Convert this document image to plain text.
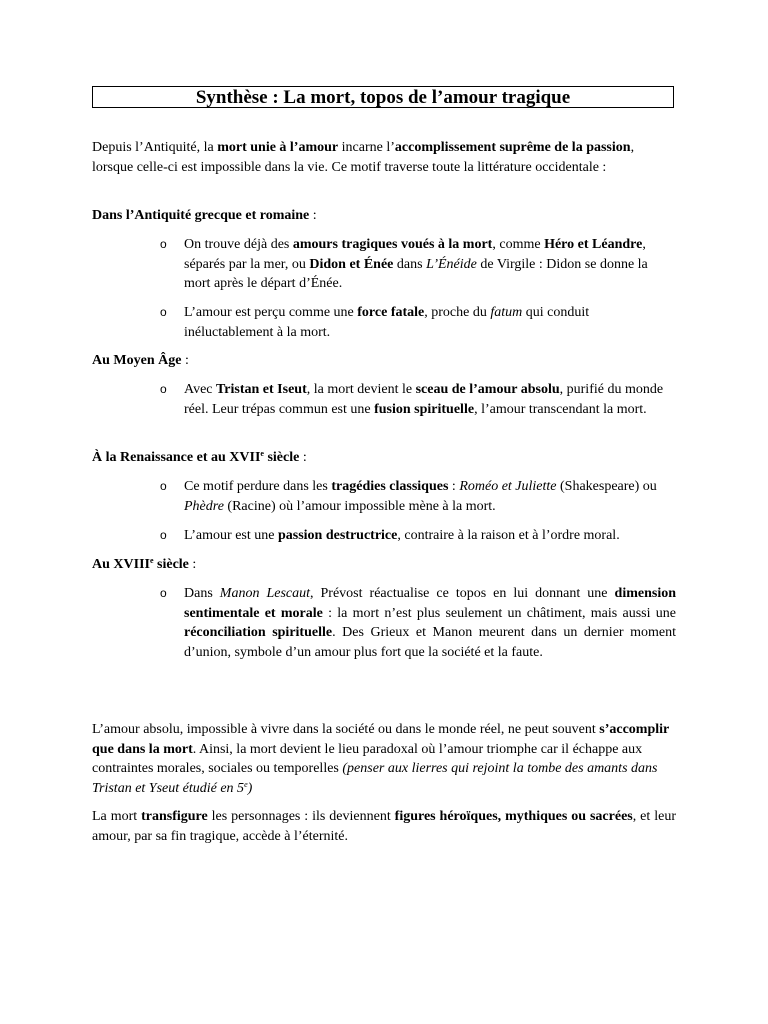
Synthèse : La mort, topos de l’amour tragique

Depuis l’Antiquité, la mort unie à l’amour incarne l’accomplissement suprême de la passion, lorsque celle-ci est impossible dans la vie. Ce motif traverse toute la littérature occidentale :

Dans l’Antiquité grecque et romaine :

o On trouve déjà des amours tragiques voués à la mort, comme Héro et Léandre, séparés par la mer, ou Didon et Énée dans L’Énéide de Virgile : Didon se donne la mort après le départ d’Énée.
o L’amour est perçu comme une force fatale, proche du fatum qui conduit inéluctablement à la mort.

Au Moyen Âge :

o Avec Tristan et Iseut, la mort devient le sceau de l’amour absolu, purifié du monde réel. Leur trépas commun est une fusion spirituelle, l’amour transcendant la mort.

À la Renaissance et au XVIIe siècle :

o Ce motif perdure dans les tragédies classiques : Roméo et Juliette (Shakespeare) ou Phèdre (Racine) où l’amour impossible mène à la mort.
o L’amour est une passion destructrice, contraire à la raison et à l’ordre moral.

Au XVIIIe siècle :

o Dans Manon Lescaut, Prévost réactualise ce topos en lui donnant une dimension sentimentale et morale : la mort n’est plus seulement un châtiment, mais aussi une réconciliation spirituelle. Des Grieux et Manon meurent dans un dernier moment d’union, symbole d’un amour plus fort que la société et la faute.

L’amour absolu, impossible à vivre dans la société ou dans le monde réel, ne peut souvent s’accomplir que dans la mort. Ainsi, la mort devient le lieu paradoxal où l’amour triomphe car il échappe aux contraintes morales, sociales ou temporelles (penser aux lierres qui rejoint la tombe des amants dans Tristan et Yseut étudié en 5e)

La mort transfigure les personnages : ils deviennent figures héroïques, mythiques ou sacrées, et leur amour, par sa fin tragique, accède à l’éternité.
